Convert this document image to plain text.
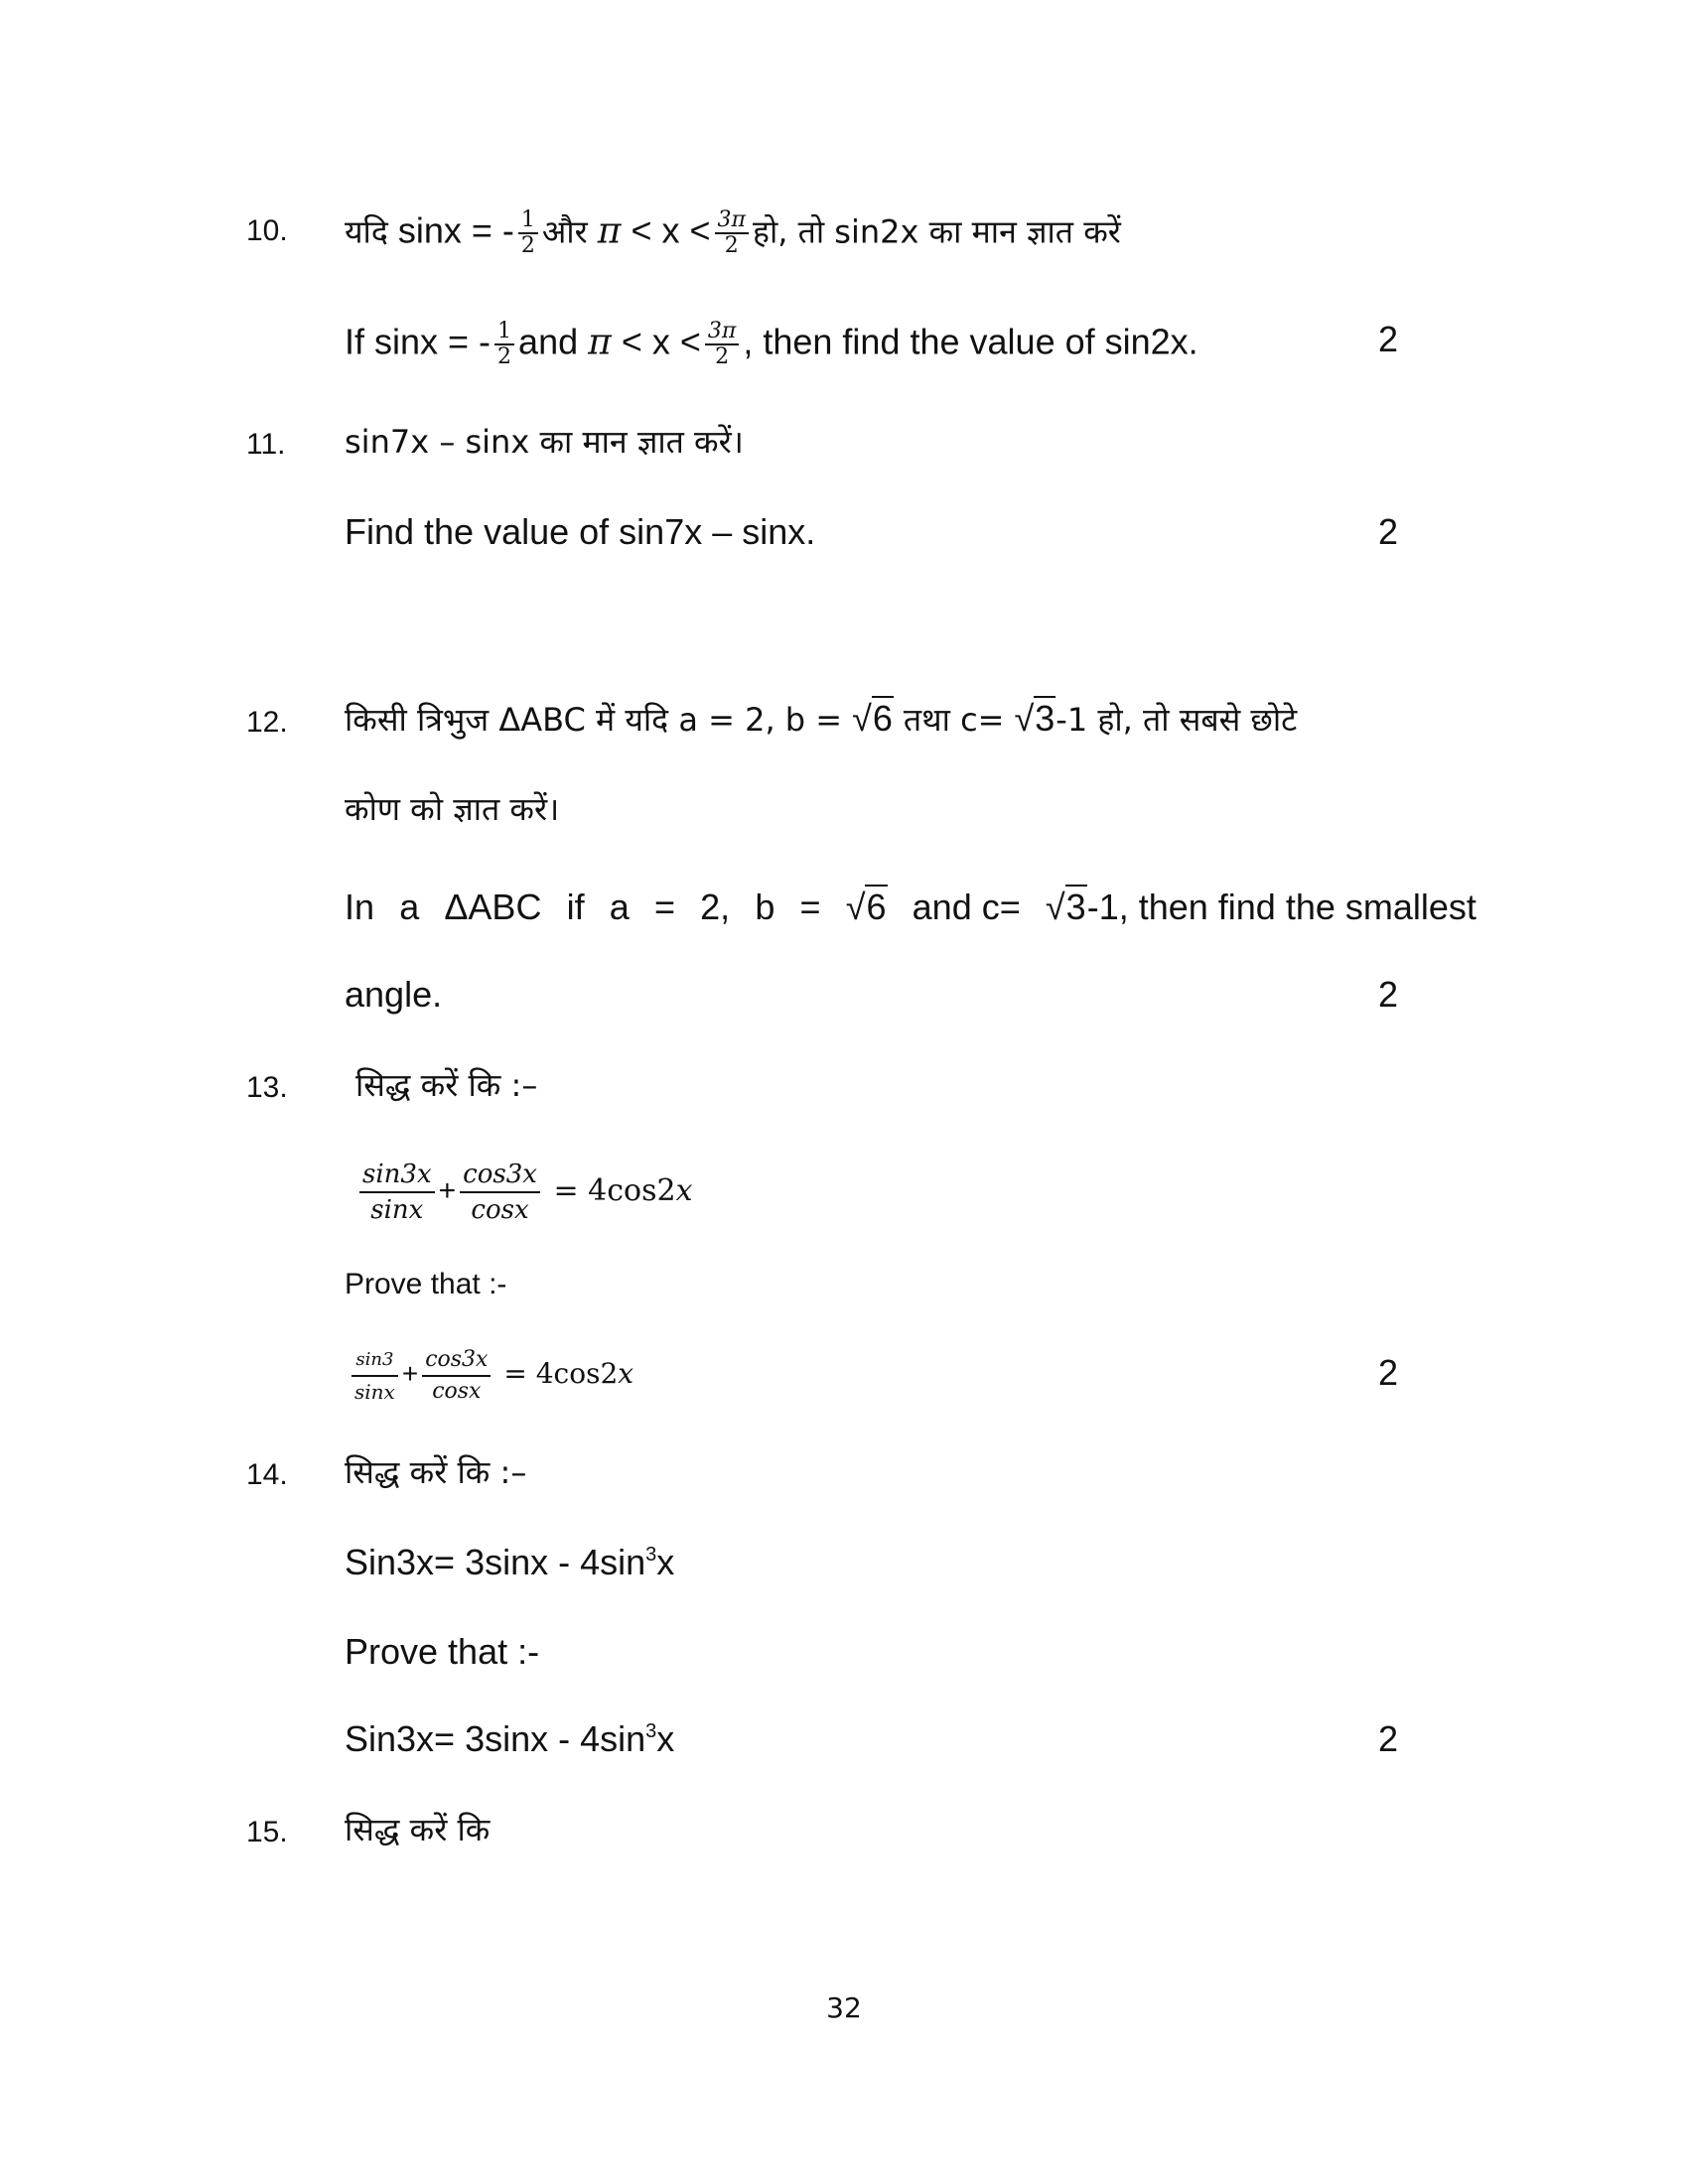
10. यदि sinx = - $\frac{1}{2}$ और $\pi < x < \frac{3\pi}{2}$ हो, तो sin2x का मान ज्ञात करें
If sinx = - $\frac{1}{2}$ and $\pi < x < \frac{3\pi}{2}$ , then find the value of sin2x.	2
11. sin7x – sinx का मान ज्ञात करें।
Find the value of sin7x – sinx.	2
12. किसी त्रिभुज ΔABC में यदि a = 2, b = √6 तथा c= √3-1 हो, तो सबसे छोटे
कोण को ज्ञात करें।
In a ΔABC if a = 2, b = √6 and c= √3-1, then find the smallest
angle.	2
13. सिद्ध करें कि :–
$\frac{\sin 3x}{\sin x} + \frac{\cos 3x}{\cos x} = 4\cos 2x$
Prove that :-
$\frac{\sin 3}{\sin x} + \frac{\cos 3x}{\cos x} = 4\cos 2x$	2
14. सिद्ध करें कि :–
$Sin3x= 3\sin x - 4\sin^3x$
Prove that :-
$Sin3x= 3\sin x - 4\sin^3x$	2
15. सिद्ध करें कि
32
